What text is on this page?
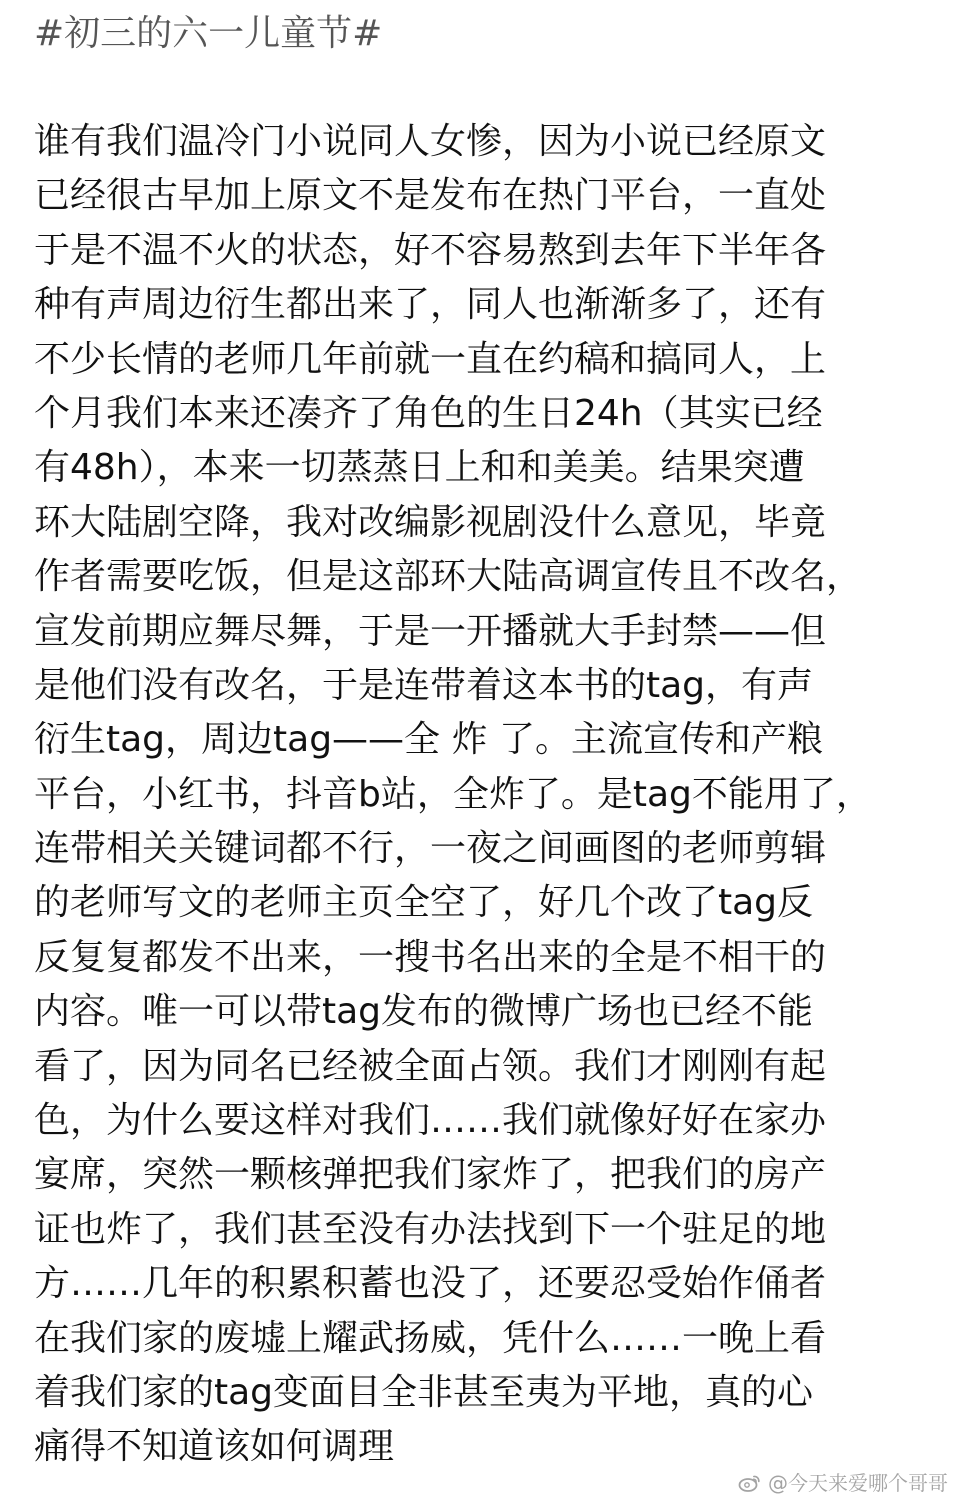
#初三的六一儿童节#
谁有我们温冷门小说同人女惨，因为小说已经原文
已经很古早加上原文不是发布在热门平台，一直处
于是不温不火的状态，好不容易熬到去年下半年各
种有声周边衍生都出来了，同人也渐渐多了，还有
不少长情的老师几年前就一直在约稿和搞同人，上
个月我们本来还凑齐了角色的生日24h（其实已经
有48h），本来一切蒸蒸日上和和美美。结果突遭
环大陆剧空降，我对改编影视剧没什么意见，毕竟
作者需要吃饭，但是这部环大陆高调宣传且不改名，
宣发前期应舞尽舞，于是一开播就大手封禁——但
是他们没有改名，于是连带着这本书的tag，有声
衍生tag，周边tag——全 炸 了。主流宣传和产粮
平台，小红书，抖音b站，全炸了。是tag不能用了，
连带相关关键词都不行，一夜之间画图的老师剪辑
的老师写文的老师主页全空了，好几个改了tag反
反复复都发不出来，一搜书名出来的全是不相干的
内容。唯一可以带tag发布的微博广场也已经不能
看了，因为同名已经被全面占领。我们才刚刚有起
色，为什么要这样对我们……我们就像好好在家办
宴席，突然一颗核弹把我们家炸了，把我们的房产
证也炸了，我们甚至没有办法找到下一个驻足的地
方……几年的积累积蓄也没了，还要忍受始作俑者
在我们家的废墟上耀武扬威，凭什么……一晚上看
着我们家的tag变面目全非甚至夷为平地，真的心
痛得不知道该如何调理
@今天来爱哪个哥哥
